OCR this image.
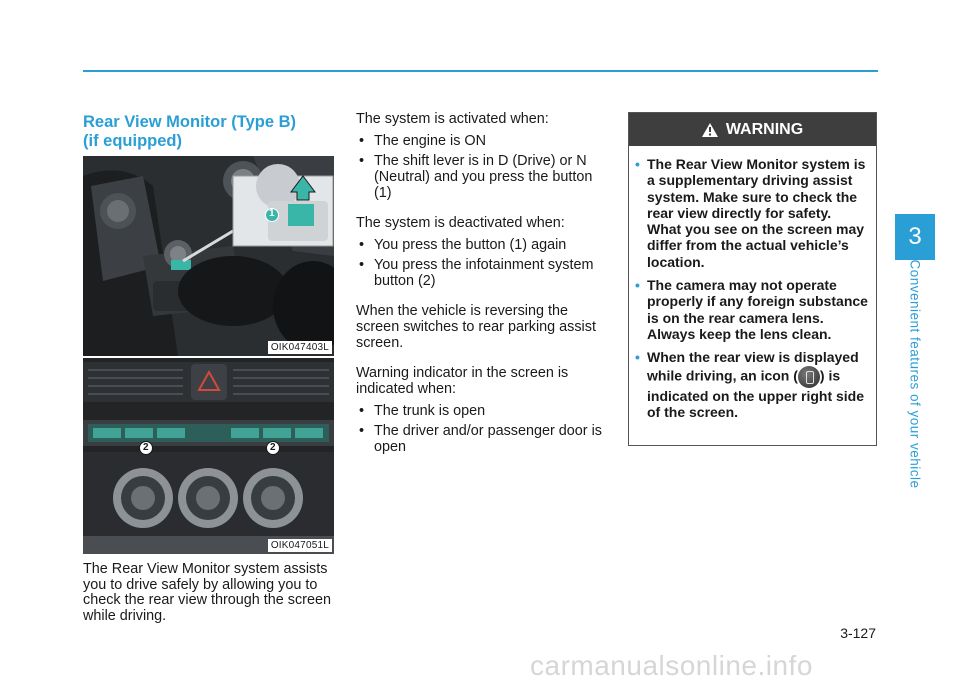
Rear View Monitor (Type B)
(if equipped)
1
OIK047403L
2	2
OIK047051L

The Rear View Monitor system assists you to drive safely by allowing you to check the rear view through the screen while driving.

The system is activated when:

• The engine is ON
• The shift lever is in D (Drive) or N (Neutral) and you press the button (1)

The system is deactivated when:

• You press the button (1) again
• You press the infotainment system button (2)

When the vehicle is reversing the screen switches to rear parking assist screen.

Warning indicator in the screen is indicated when:

• The trunk is open
• The driver and/or passenger door is open
WARNING
• The Rear View Monitor system is a supplementary driving assist system. Make sure to check the rear view directly for safety. What you see on the screen may differ from the actual vehicle’s location.
• The camera may not operate properly if any foreign substance is on the rear camera lens. Always keep the lens clean.
• When the rear view is displayed while driving, an icon ( ) is indicated on the upper right side of the screen.
3
Convenient features of your vehicle
3-127
carmanualsonline.info
